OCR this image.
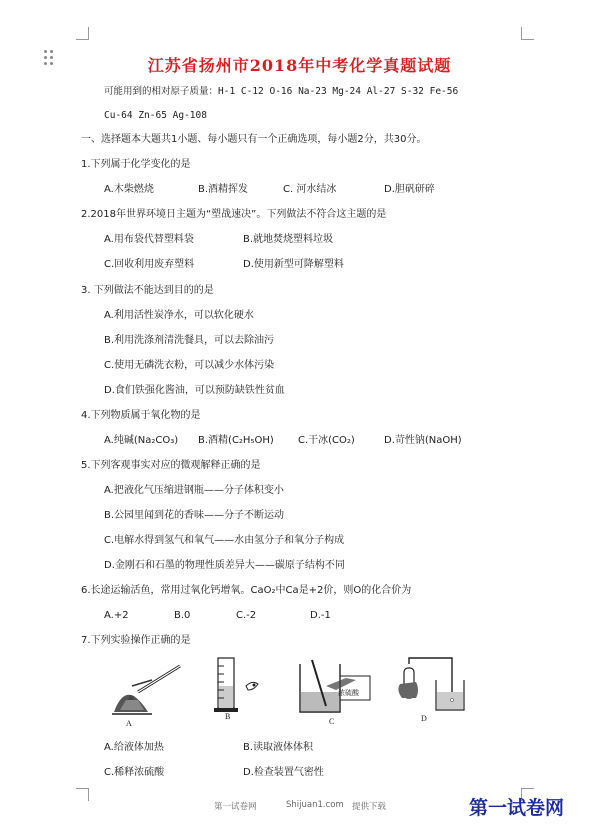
江苏省扬州市2018年中考化学真题试题
可能用到的相对原子质量：H-1 C-12 O-16 Na-23 Mg-24 Al-27 S-32 Fe-56
Cu-64 Zn-65 Ag-108
一、选择题本大题共1小题、每小题只有一个正确选项，每小题2分，共30分。
1.下列属于化学变化的是
A.木柴燃烧	B.酒精挥发	C. 河水结冰	D.胆矾研碎
2.2018年世界环境日主题为“塑战速决”。下列做法不符合这主题的是
A.用布袋代替塑料袋	B.就地焚烧塑料垃圾
C.回收利用废弃塑料	D.使用新型可降解塑料
3. 下列做法不能达到目的的是
A.利用活性炭净水，可以软化硬水
B.利用洗涤剂清洗餐具，可以去除油污
C.使用无磷洗衣粉，可以减少水体污染
D.食们铁强化酱油，可以预防缺铁性贫血
4.下列物质属于氧化物的是
A.纯碱(Na₂CO₃) B.酒精(C₂H₅OH) C.干冰(CO₂)	D.苛性钠(NaOH)
5.下列客观事实对应的微观解释正确的是
A.把液化气压缩进钢瓶——分子体积变小
B.公园里闻到花的香味——分子不断运动
C.电解水得到氢气和氧气——水由氢分子和氧分子构成
D.金刚石和石墨的物理性质差异大——碳原子结构不同
6.长途运输活鱼，常用过氧化钙增氧。CaO₂中Ca是+2价，则O的化合价为
A.+2	B.0	C.-2	D.-1
7.下列实验操作正确的是
A
B
浓硫酸
C	D
A.给液体加热	B.读取液体体积
C.稀释浓硫酸	D.检查装置气密性
第一试卷网	Shijuan1.com 提供下载	第一试卷网
